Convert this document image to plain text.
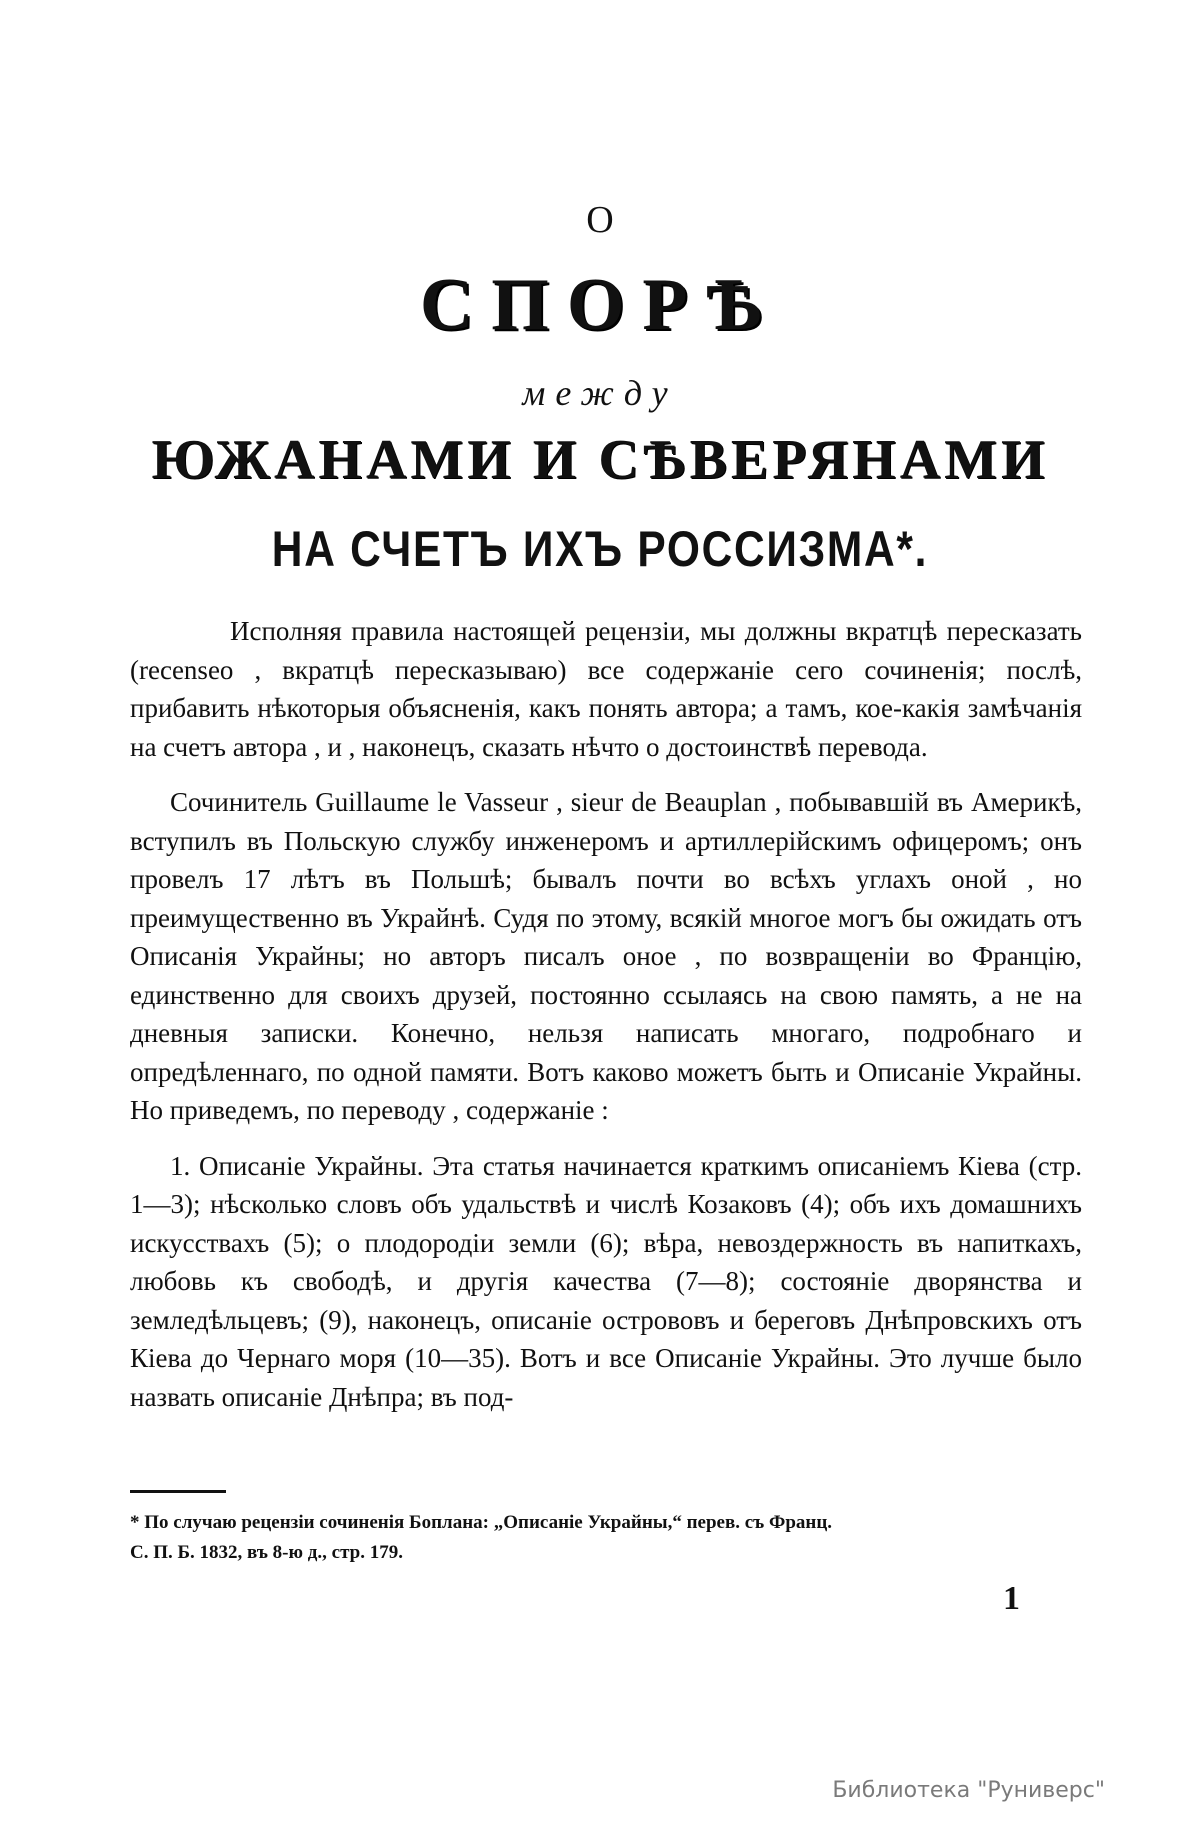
О
СПОРѢ
между
ЮЖАНАМИ И СѢВЕРЯНАМИ
НА СЧЕТЪ ИХЪ РОССИЗМА*.

Исполняя правила настоящей рецензіи, мы должны вкратцѣ пересказать (recenseo , вкратцѣ пересказываю) все содержаніе сего сочиненія; послѣ, прибавить нѣкоторыя объясненія, какъ понять автора; а тамъ, кое-какія замѣчанія на счетъ автора , и , наконецъ, сказать нѣчто о достоинствѣ перевода.

Сочинитель Guillaume le Vasseur , sieur de Beauplan , побывавшій въ Америкѣ, вступилъ въ Польскую службу инженеромъ и артиллерійскимъ офицеромъ; онъ провелъ 17 лѣтъ въ Польшѣ; бывалъ почти во всѣхъ углахъ оной , но преимущественно въ Украйнѣ. Судя по этому, всякій многое могъ бы ожидать отъ Описанія Украйны; но авторъ писалъ оное , по возвращеніи во Францію, единственно для своихъ друзей, постоянно ссылаясь на свою память, а не на дневныя записки. Конечно, нельзя написать многаго, подробнаго и опредѣленнаго, по одной памяти. Вотъ каково можетъ быть и Описаніе Украйны. Но приведемъ, по переводу , содержаніе :

1. Описаніе Украйны. Эта статья начинается краткимъ описаніемъ Кіева (стр. 1—3); нѣсколько словъ объ удальствѣ и числѣ Козаковъ (4); объ ихъ домашнихъ искусствахъ (5); о плодородіи земли (6); вѣра, невоздержность въ напиткахъ, любовь къ свободѣ, и другія качества (7—8); состояніе дворянства и земледѣльцевъ; (9), наконецъ, описаніе острововъ и береговъ Днѣпровскихъ отъ Кіева до Чернаго моря (10—35). Вотъ и все Описаніе Украйны. Это лучше было назвать описаніе Днѣпра; въ под-

* По случаю рецензіи сочиненія Боплана: „Описаніе Украйны,“ перев. съ Франц.
С. П. Б. 1832, въ 8-ю д., стр. 179.
1
Библиотека "Руниверс"
